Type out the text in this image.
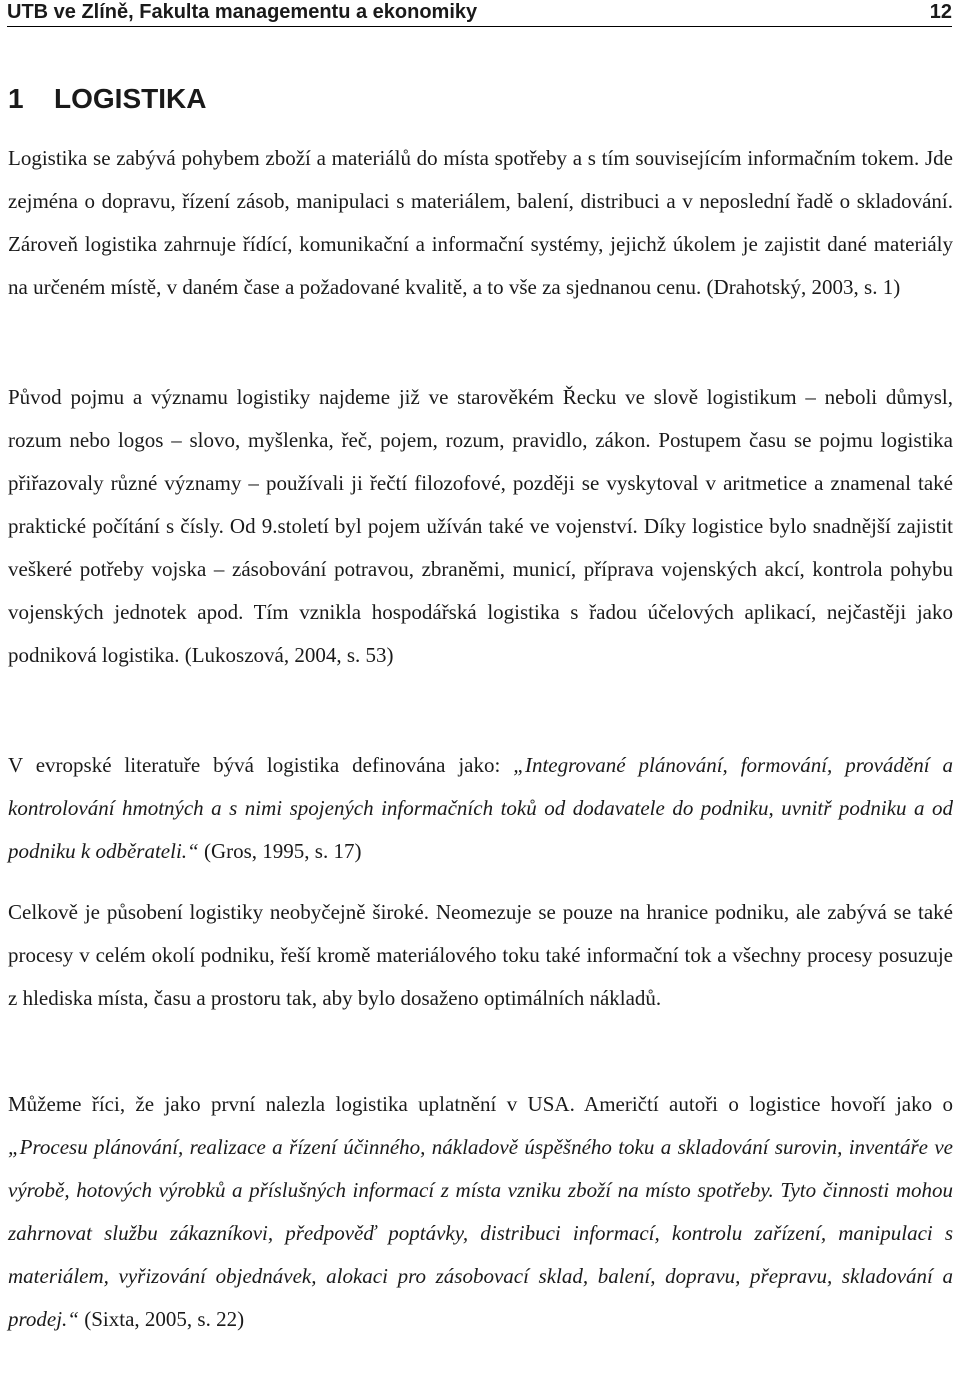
UTB ve Zlíně, Fakulta managementu a ekonomiky	12
1 LOGISTIKA

Logistika se zabývá pohybem zboží a materiálů do místa spotřeby a s tím souvisejícím informačním tokem. Jde zejména o dopravu, řízení zásob, manipulaci s materiálem, balení, distribuci a v neposlední řadě o skladování. Zároveň logistika zahrnuje řídící, komunikační a informační systémy, jejichž úkolem je zajistit dané materiály na určeném místě, v daném čase a požadované kvalitě, a to vše za sjednanou cenu. (Drahotský, 2003, s. 1)

Původ pojmu a významu logistiky najdeme již ve starověkém Řecku ve slově logistikum – neboli důmysl, rozum nebo logos – slovo, myšlenka, řeč, pojem, rozum, pravidlo, zákon. Postupem času se pojmu logistika přiřazovaly různé významy – používali ji řečtí filozofové, později se vyskytoval v aritmetice a znamenal také praktické počítání s čísly. Od 9.století byl pojem užíván také ve vojenství. Díky logistice bylo snadnější zajistit veškeré potřeby vojska – zásobování potravou, zbraněmi, municí, příprava vojenských akcí, kontrola pohybu vojenských jednotek apod. Tím vznikla hospodářská logistika s řadou účelových aplikací, nejčastěji jako podniková logistika. (Lukoszová, 2004, s. 53)

V evropské literatuře bývá logistika definována jako: „Integrované plánování, formování, provádění a kontrolování hmotných a s nimi spojených informačních toků od dodavatele do podniku, uvnitř podniku a od podniku k odběrateli.“ (Gros, 1995, s. 17)

Celkově je působení logistiky neobyčejně široké. Neomezuje se pouze na hranice podniku, ale zabývá se také procesy v celém okolí podniku, řeší kromě materiálového toku také informační tok a všechny procesy posuzuje z hlediska místa, času a prostoru tak, aby bylo dosaženo optimálních nákladů.

Můžeme říci, že jako první nalezla logistika uplatnění v USA. Američtí autoři o logistice hovoří jako o „Procesu plánování, realizace a řízení účinného, nákladově úspěšného toku a skladování surovin, inventáře ve výrobě, hotových výrobků a příslušných informací z místa vzniku zboží na místo spotřeby. Tyto činnosti mohou zahrnovat službu zákazníkovi, předpověď poptávky, distribuci informací, kontrolu zařízení, manipulaci s materiálem, vyřizování objednávek, alokaci pro zásobovací sklad, balení, dopravu, přepravu, skladování a prodej.“ (Sixta, 2005, s. 22)
